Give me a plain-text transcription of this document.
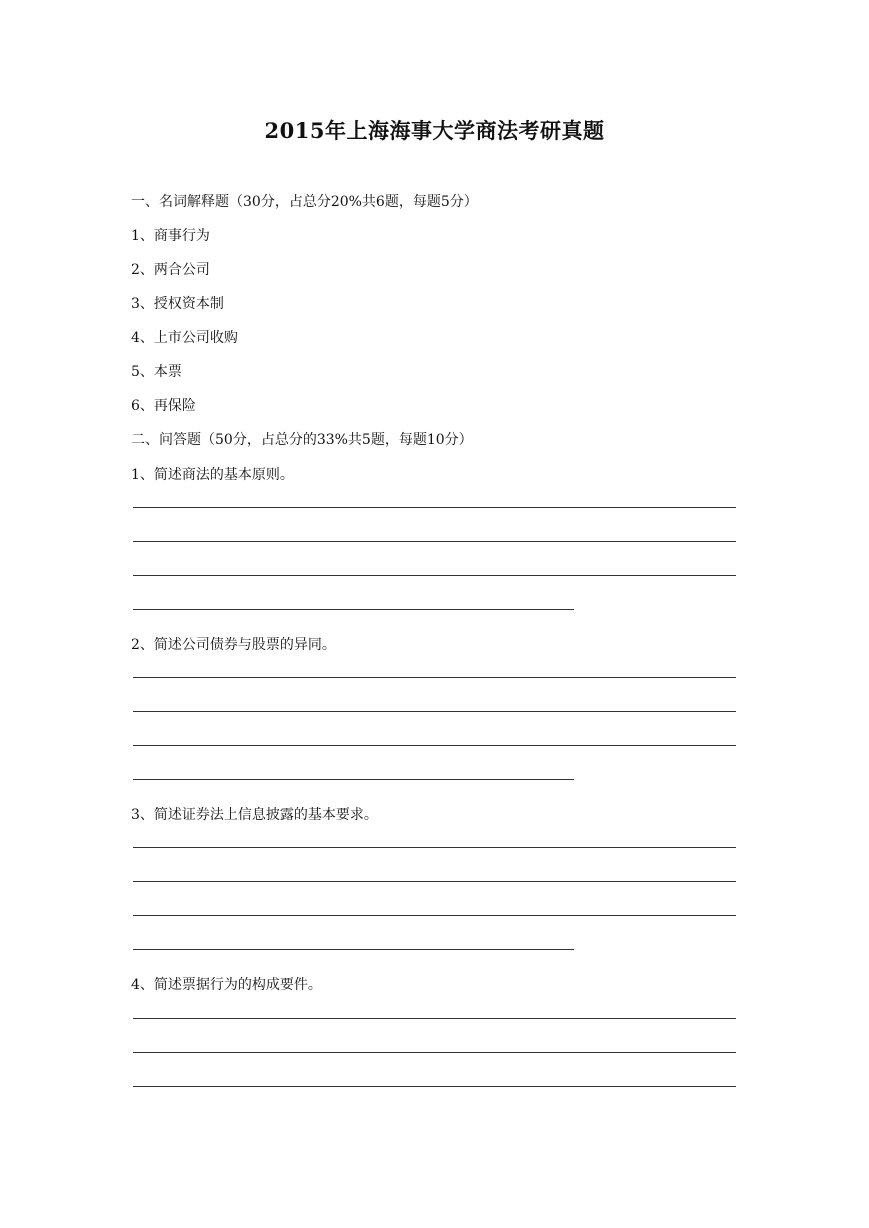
2015年上海海事大学商法考研真题
一、名词解释题（30分，占总分20%共6题，每题5分）
1、商事行为
2、两合公司
3、授权资本制
4、上市公司收购
5、本票
6、再保险
二、问答题（50分，占总分的33%共5题，每题10分）
1、简述商法的基本原则。
2、简述公司债券与股票的异同。
3、简述证券法上信息披露的基本要求。
4、简述票据行为的构成要件。
